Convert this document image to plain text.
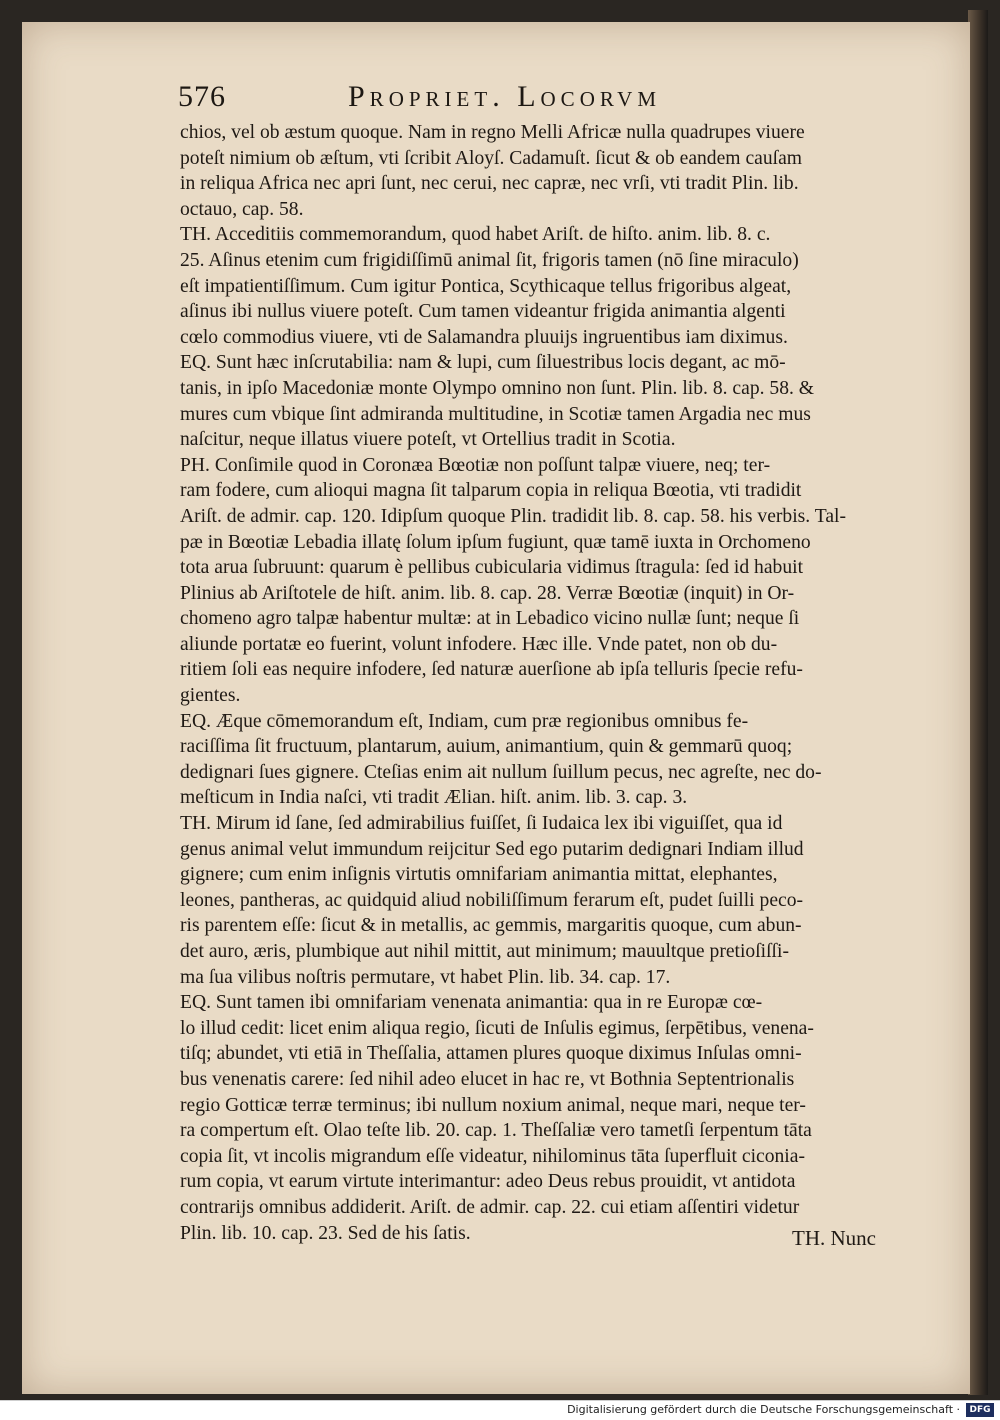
576	Propriet. Locorvm
chios, vel ob æstum quoque. Nam in regno Melli Africæ nulla quadrupes viuere
poteſt nimium ob æſtum, vti ſcribit Aloyſ. Cadamuſt. ſicut & ob eandem cauſam
in reliqua Africa nec apri ſunt, nec cerui, nec capræ, nec vrſi, vti tradit Plin. lib.
octauo, cap. 58.
TH. Acceditiis commemorandum, quod habet Ariſt. de hiſto. anim. lib. 8. c.
25. Aſinus etenim cum frigidiſſimū animal ſit, frigoris tamen (nō ſine miraculo)
eſt impatientiſſimum. Cum igitur Pontica, Scythicaque tellus frigoribus algeat,
aſinus ibi nullus viuere poteſt. Cum tamen videantur frigida animantia algenti
cœlo commodius viuere, vti de Salamandra pluuijs ingruentibus iam diximus.
EQ. Sunt hæc inſcrutabilia: nam & lupi, cum ſiluestribus locis degant, ac mō-
tanis, in ipſo Macedoniæ monte Olympo omnino non ſunt. Plin. lib. 8. cap. 58. &
mures cum vbique ſint admiranda multitudine, in Scotiæ tamen Argadia nec mus
naſcitur, neque illatus viuere poteſt, vt Ortellius tradit in Scotia.
PH. Conſimile quod in Coronæa Bœotiæ non poſſunt talpæ viuere, neq; ter-
ram fodere, cum alioqui magna ſit talparum copia in reliqua Bœotia, vti tradidit
Ariſt. de admir. cap. 120. Idipſum quoque Plin. tradidit lib. 8. cap. 58. his verbis. Tal-
pæ in Bœotiæ Lebadia illatę ſolum ipſum fugiunt, quæ tamē iuxta in Orchomeno
tota arua ſubruunt: quarum è pellibus cubicularia vidimus ſtragula: ſed id habuit
Plinius ab Ariſtotele de hiſt. anim. lib. 8. cap. 28. Verræ Bœotiæ (inquit) in Or-
chomeno agro talpæ habentur multæ: at in Lebadico vicino nullæ ſunt; neque ſi
aliunde portatæ eo fuerint, volunt infodere. Hæc ille. Vnde patet, non ob du-
ritiem ſoli eas nequire infodere, ſed naturæ auerſione ab ipſa telluris ſpecie refu-
gientes.
EQ. Æque cōmemorandum eſt, Indiam, cum præ regionibus omnibus fe-
raciſſima ſit fructuum, plantarum, auium, animantium, quin & gemmarū quoq;
dedignari ſues gignere. Cteſias enim ait nullum ſuillum pecus, nec agreſte, nec do-
meſticum in India naſci, vti tradit Ælian. hiſt. anim. lib. 3. cap. 3.
TH. Mirum id ſane, ſed admirabilius fuiſſet, ſi Iudaica lex ibi viguiſſet, qua id
genus animal velut immundum reijcitur Sed ego putarim dedignari Indiam illud
gignere; cum enim inſignis virtutis omnifariam animantia mittat, elephantes,
leones, pantheras, ac quidquid aliud nobiliſſimum ferarum eſt, pudet ſuilli peco-
ris parentem eſſe: ſicut & in metallis, ac gemmis, margaritis quoque, cum abun-
det auro, æris, plumbique aut nihil mittit, aut minimum; mauultque pretioſiſſi-
ma ſua vilibus noſtris permutare, vt habet Plin. lib. 34. cap. 17.
EQ. Sunt tamen ibi omnifariam venenata animantia: qua in re Europæ cœ-
lo illud cedit: licet enim aliqua regio, ſicuti de Inſulis egimus, ſerpētibus, venena-
tiſq; abundet, vti etiā in Theſſalia, attamen plures quoque diximus Inſulas omni-
bus venenatis carere: ſed nihil adeo elucet in hac re, vt Bothnia Septentrionalis
regio Gotticæ terræ terminus; ibi nullum noxium animal, neque mari, neque ter-
ra compertum eſt. Olao teſte lib. 20. cap. 1. Theſſaliæ vero tametſi ſerpentum tāta
copia ſit, vt incolis migrandum eſſe videatur, nihilominus tāta ſuperfluit ciconia-
rum copia, vt earum virtute interimantur: adeo Deus rebus prouidit, vt antidota
contrarijs omnibus addiderit. Ariſt. de admir. cap. 22. cui etiam aſſentiri videtur
Plin. lib. 10. cap. 23. Sed de his ſatis.	TH. Nunc
Digitalisierung gefördert durch die Deutsche Forschungsgemeinschaft ·	DFG
